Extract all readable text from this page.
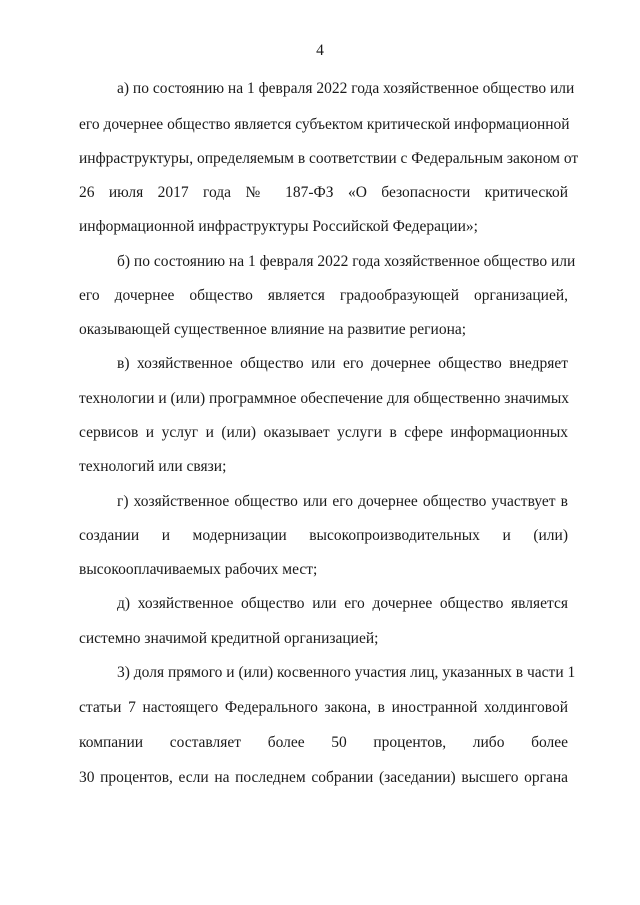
4
а) по состоянию на 1 февраля 2022 года хозяйственное общество или
его дочернее общество является субъектом критической информационной
инфраструктуры, определяемым в соответствии с Федеральным законом от
26 июля 2017 года № 187-ФЗ «О безопасности критической
информационной инфраструктуры Российской Федерации»;
б) по состоянию на 1 февраля 2022 года хозяйственное общество или
его дочернее общество является градообразующей организацией,
оказывающей существенное влияние на развитие региона;
в) хозяйственное общество или его дочернее общество внедряет
технологии и (или) программное обеспечение для общественно значимых
сервисов и услуг и (или) оказывает услуги в сфере информационных
технологий или связи;
г) хозяйственное общество или его дочернее общество участвует в
создании и модернизации высокопроизводительных и (или)
высокооплачиваемых рабочих мест;
д) хозяйственное общество или его дочернее общество является
системно значимой кредитной организацией;
3) доля прямого и (или) косвенного участия лиц, указанных в части 1
статьи 7 настоящего Федерального закона, в иностранной холдинговой
компании составляет более 50 процентов, либо более
30 процентов, если на последнем собрании (заседании) высшего органа
